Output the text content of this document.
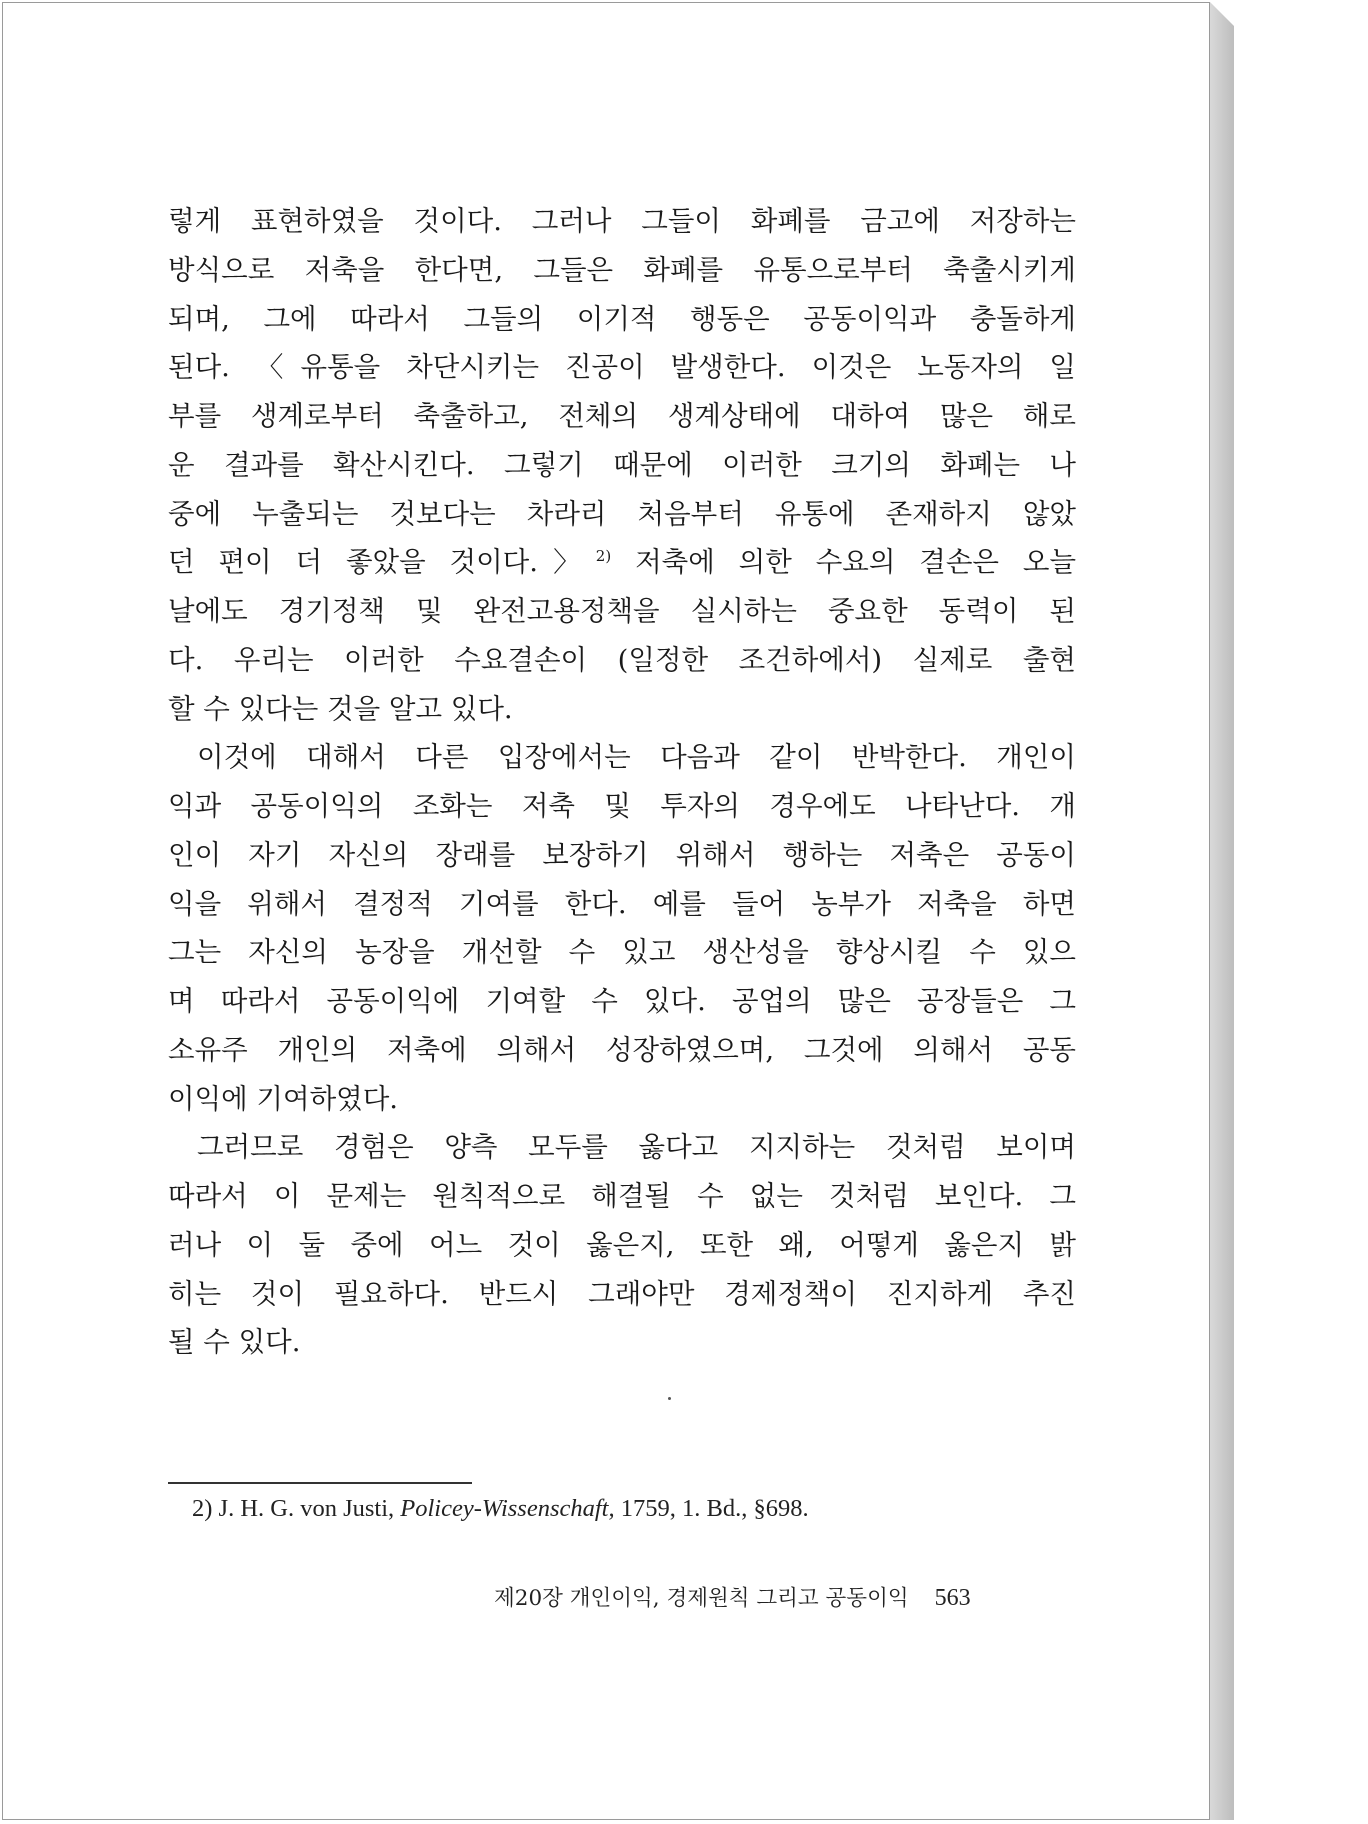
렇게 표현하였을 것이다. 그러나 그들이 화폐를 금고에 저장하는
방식으로 저축을 한다면, 그들은 화폐를 유통으로부터 축출시키게
되며, 그에 따라서 그들의 이기적 행동은 공동이익과 충돌하게
된다. 〈유통을 차단시키는 진공이 발생한다. 이것은 노동자의 일
부를 생계로부터 축출하고, 전체의 생계상태에 대하여 많은 해로
운 결과를 확산시킨다. 그렇기 때문에 이러한 크기의 화폐는 나
중에 누출되는 것보다는 차라리 처음부터 유통에 존재하지 않았
던 편이 더 좋았을 것이다.〉$^{2)}$ 저축에 의한 수요의 결손은 오늘
날에도 경기정책 및 완전고용정책을 실시하는 중요한 동력이 된
다. 우리는 이러한 수요결손이 (일정한 조건하에서) 실제로 출현
할 수 있다는 것을 알고 있다.

이것에 대해서 다른 입장에서는 다음과 같이 반박한다. 개인이
익과 공동이익의 조화는 저축 및 투자의 경우에도 나타난다. 개
인이 자기 자신의 장래를 보장하기 위해서 행하는 저축은 공동이
익을 위해서 결정적 기여를 한다. 예를 들어 농부가 저축을 하면
그는 자신의 농장을 개선할 수 있고 생산성을 향상시킬 수 있으
며 따라서 공동이익에 기여할 수 있다. 공업의 많은 공장들은 그
소유주 개인의 저축에 의해서 성장하였으며, 그것에 의해서 공동
이익에 기여하였다.

그러므로 경험은 양측 모두를 옳다고 지지하는 것처럼 보이며
따라서 이 문제는 원칙적으로 해결될 수 없는 것처럼 보인다. 그
러나 이 둘 중에 어느 것이 옳은지, 또한 왜, 어떻게 옳은지 밝
히는 것이 필요하다. 반드시 그래야만 경제정책이 진지하게 추진
될 수 있다.

2) J. H. G. von Justi, Policey-Wissenschaft, 1759, 1. Bd., §698.
제20장 개인이익, 경제원칙 그리고 공동이익 563
